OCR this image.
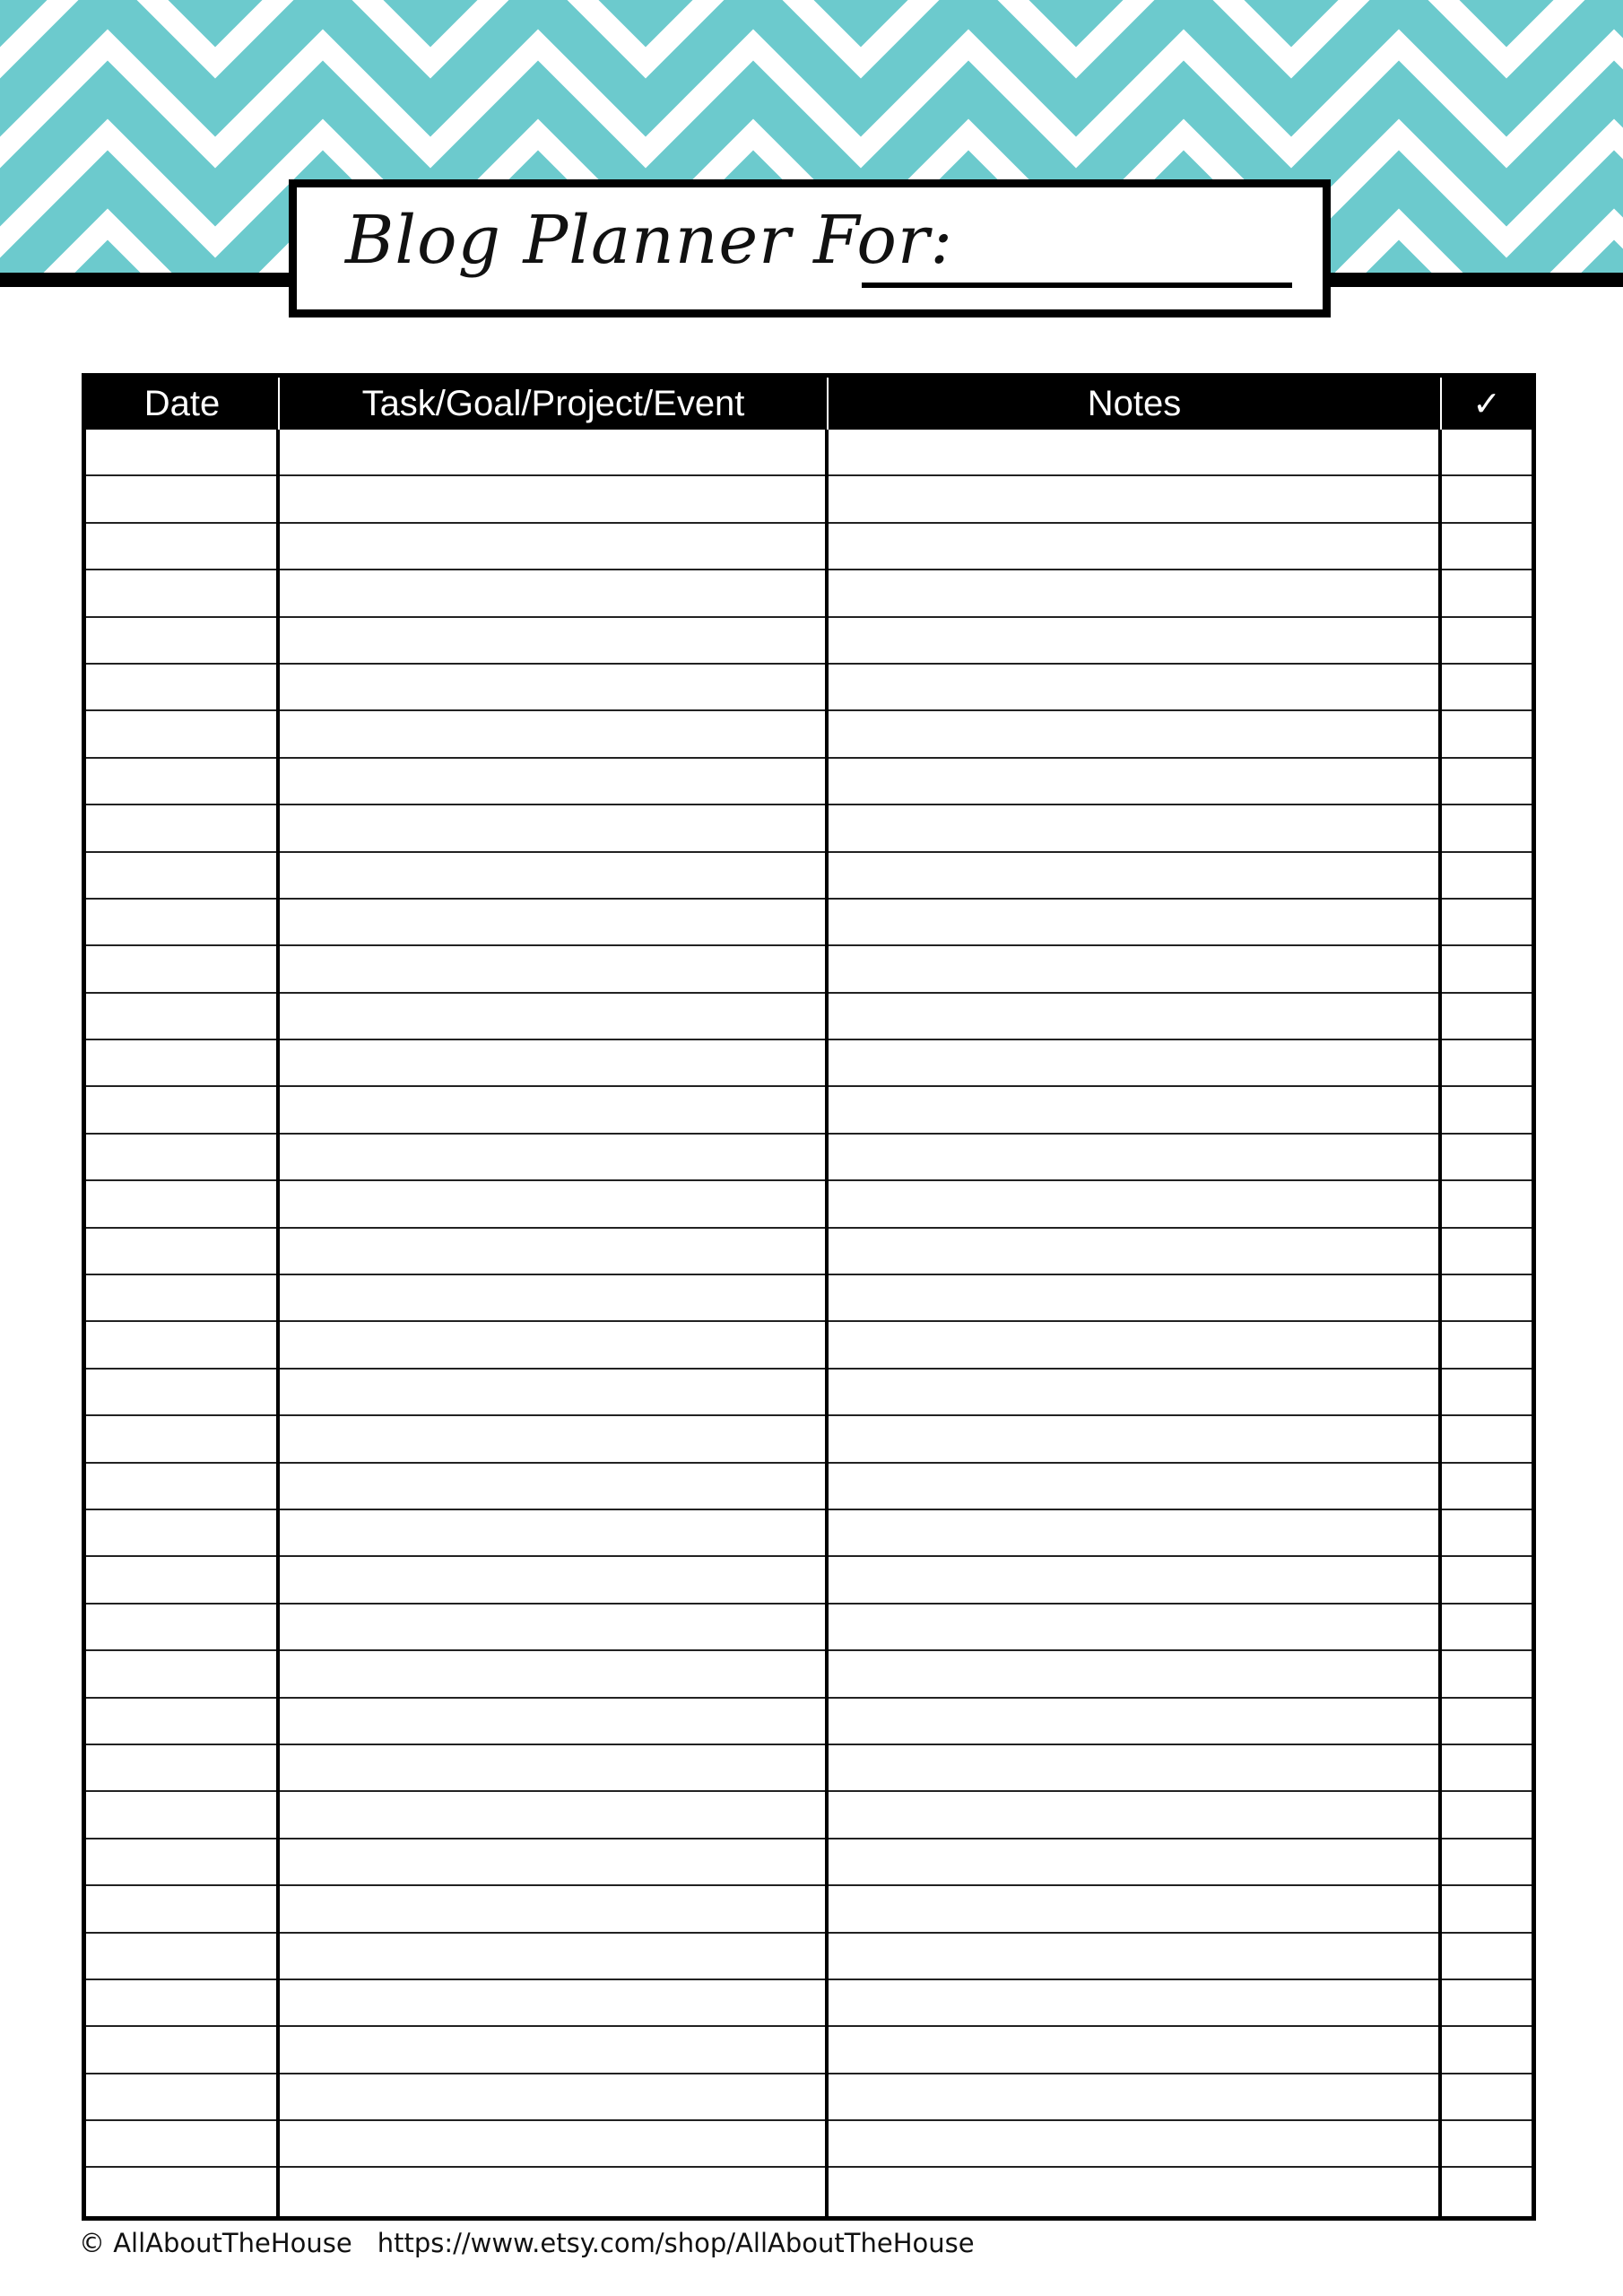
Blog Planner For:
Date	Task/Goal/Project/Event	Notes	✓
© AllAboutTheHouse https://www.etsy.com/shop/AllAboutTheHouse
